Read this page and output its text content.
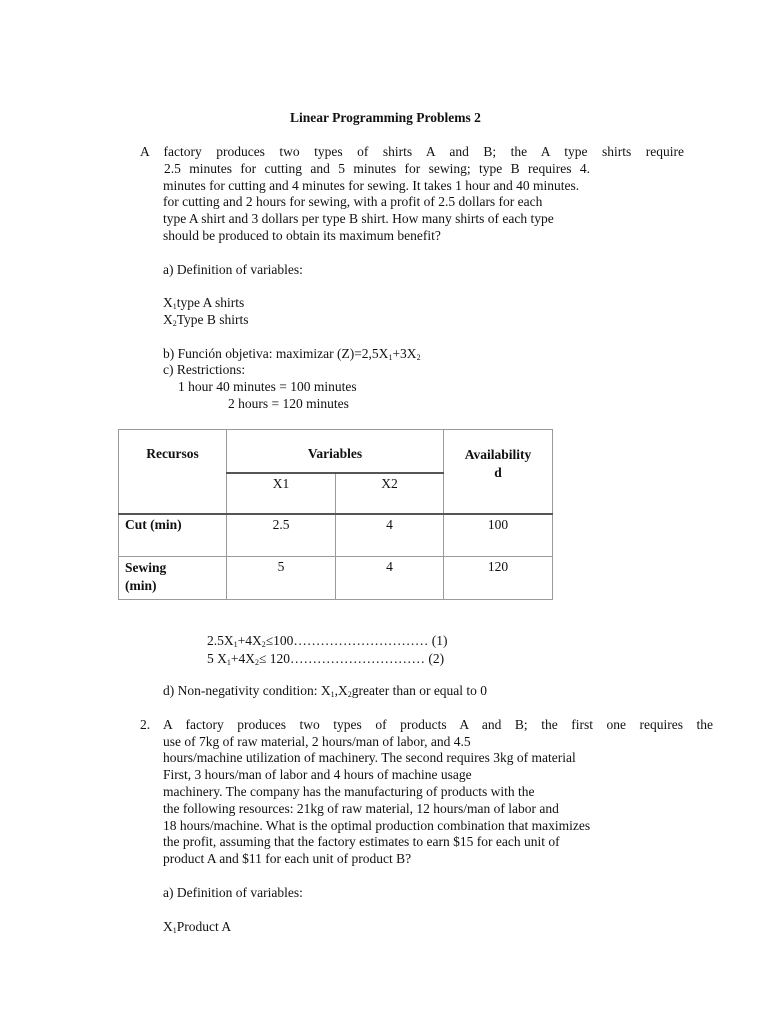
Linear Programming Problems 2
A factory produces two types of shirts A and B; the A type shirts require
2.5 minutes for cutting and 5 minutes for sewing; type B requires 4.
minutes for cutting and 4 minutes for sewing. It takes 1 hour and 40 minutes.
for cutting and 2 hours for sewing, with a profit of 2.5 dollars for each
type A shirt and 3 dollars per type B shirt. How many shirts of each type
should be produced to obtain its maximum benefit?
a) Definition of variables:
$X_1type$ A shirts
$X_2Type$ B shirts
b) Función objetiva: maximizar $(Z)=2,5X_1+3X_2$
c) Restrictions:
1 hour 40 minutes = 100 minutes
2 hours = 120 minutes
Recursos	Variables		Availability
d
	X1	X2	
Cut (min)	2.5	4	100
Sewing
(min)	5	4	120
$2.5X_1+4X_2\le 100\dots\dots\dots\dots\dots\dots\dots\dots\dots\dots$ (1)
5 $X_1+4X_2\le$ 120………………………… (2)
d) Non-negativity condition: $X_1,X_2greater$ than or equal to 0
2. A factory produces two types of products A and B; the first one requires the
use of 7kg of raw material, 2 hours/man of labor, and 4.5
hours/machine utilization of machinery. The second requires 3kg of material
First, 3 hours/man of labor and 4 hours of machine usage
machinery. The company has the manufacturing of products with the
the following resources: 21kg of raw material, 12 hours/man of labor and
18 hours/machine. What is the optimal production combination that maximizes
the profit, assuming that the factory estimates to earn $15 for each unit of
product A and $11 for each unit of product B?
a) Definition of variables:
$X_1Product$ A
